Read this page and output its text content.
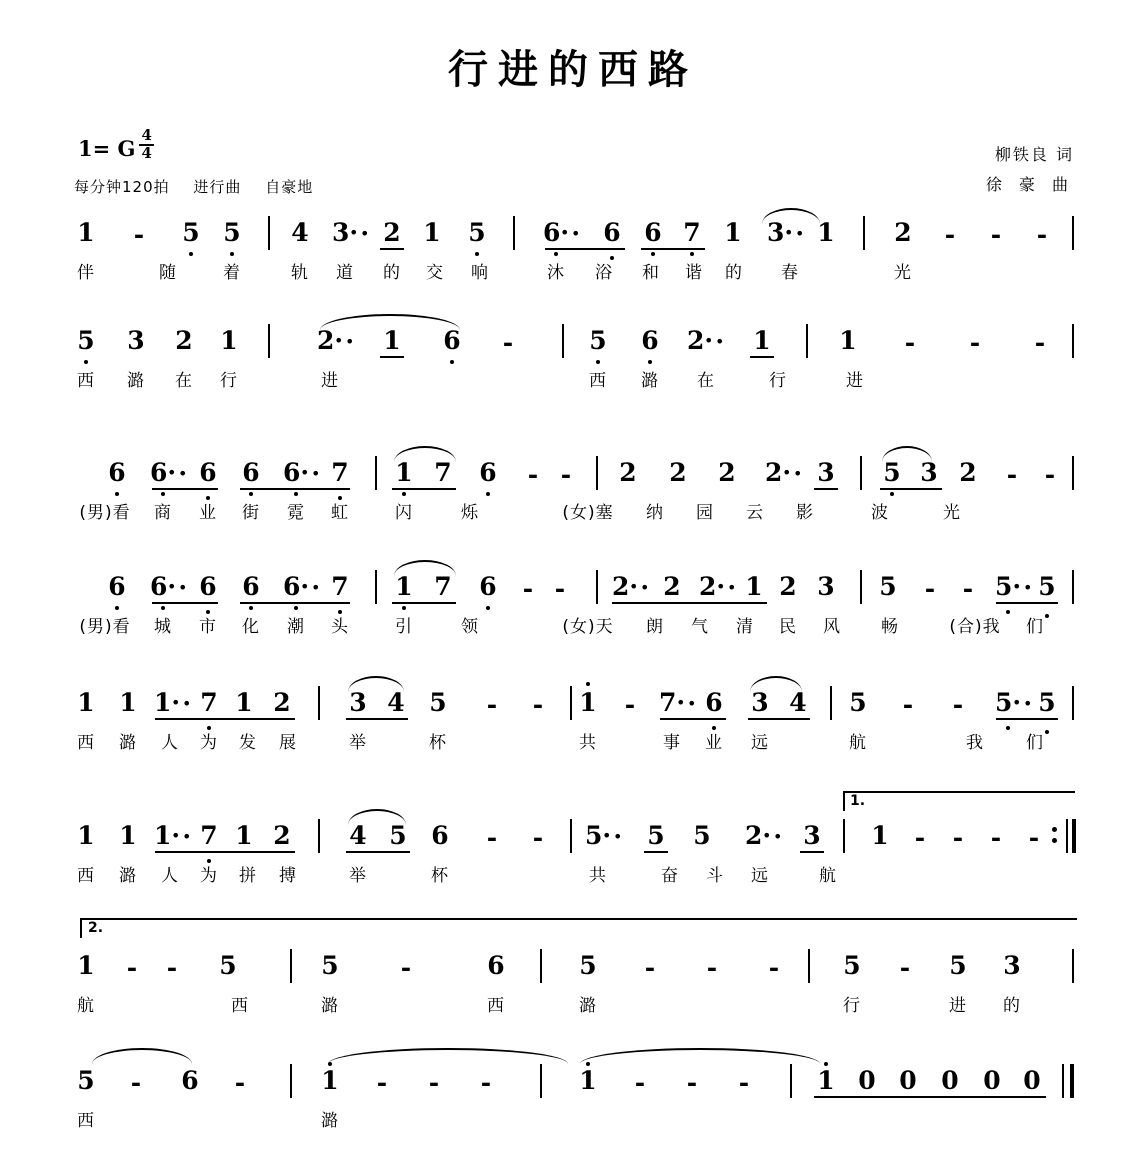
行进的西路
1= G $\frac{4}{4}$
每分钟120拍 进行曲 自豪地
柳铁良 词
徐 豪 曲
1 - 5 5 4 3· · 2 1 5 6· · 6 6 7 1 3· · 1 2 - - -
伴	随	着	轨 道 的 交 响	沐 浴 和 谐 的 春	光
5 3 2 1	2· · 1 6 -	5 6 2· · 1	1 - - -
西 潞 在 行	进	西 潞 在	行	进
6 6· · 6 6 6· · 7 1 7 6 - - 2 2 2 2· · 3 5 3 2 - -
(男)看 商 业 街 霓 虹	闪	烁	(女)塞 纳 园 云 影	波	光
6 6· · 6 6 6· · 7 1 7 6 - - 2· · 2 2· · 1 2 3 5 - - 5· · 5
(男)看 城 市 化 潮 头	引	领	(女)天 朗 气 清 民 风 畅	(合)我 们
1 1 1· · 7 1 2 3 4 5 - - 1 - 7· · 6 3 4 5 - - 5· · 5
西 潞 人 为 发 展	举	杯	共	事 业 远	航	我 们
1.
1 1 1· · 7 1 2 4 5 6 - - 5· · 5 5 2· · 3 1 - - - -
西 潞 人 为 拼 搏	举	杯	共	奋 斗 远	航
2.
1 - - 5	5 -	6	5 - - -	5 - 5 3
航	西	潞	西	潞	行	进 的
5 - 6 -	1 - - -	1 - - -	1 0 0 0 0 0
西	潞
